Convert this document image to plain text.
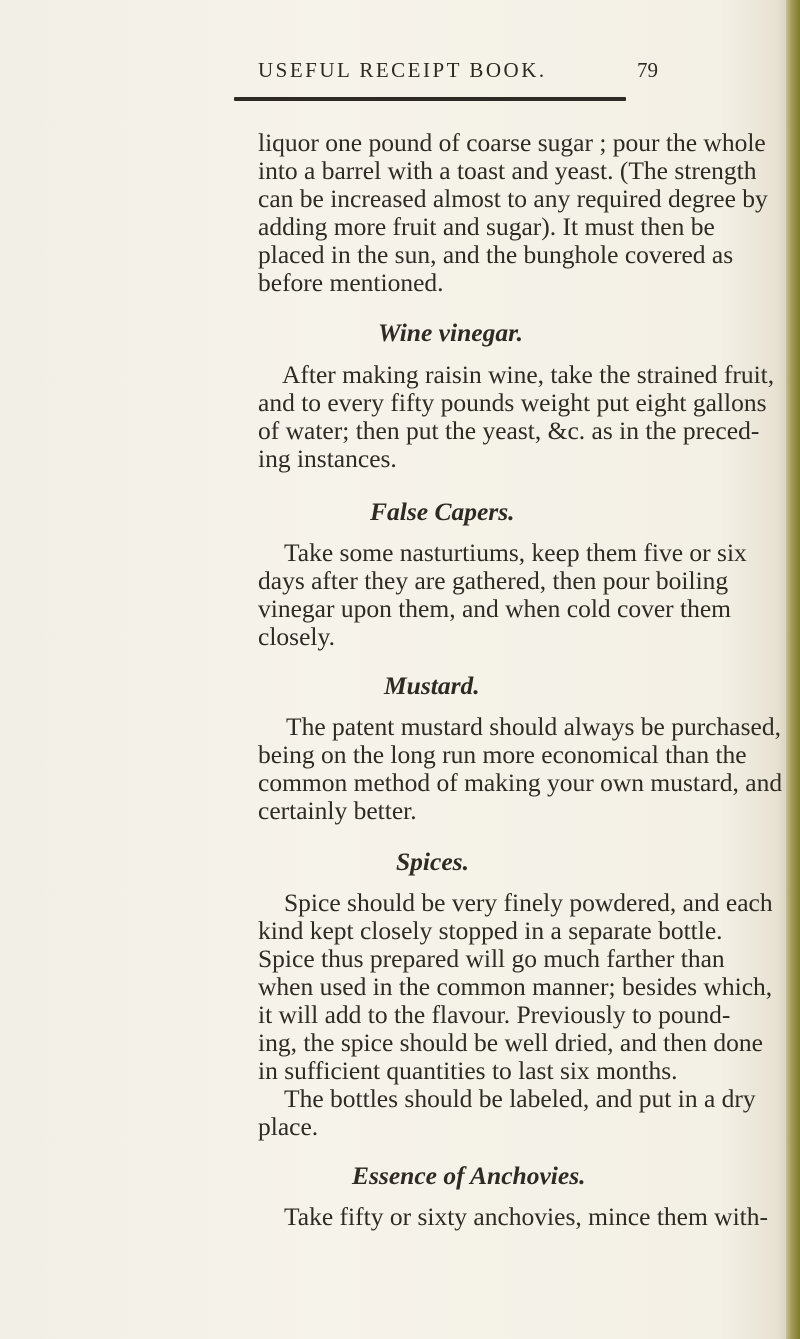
USEFUL RECEIPT BOOK.	79
liquor one pound of coarse sugar ; pour the whole
into a barrel with a toast and yeast. (The strength
can be increased almost to any required degree by
adding more fruit and sugar). It must then be
placed in the sun, and the bunghole covered as
before mentioned.
Wine vinegar.
After making raisin wine, take the strained fruit,
and to every fifty pounds weight put eight gallons
of water; then put the yeast, &c. as in the preced-
ing instances.
False Capers.
Take some nasturtiums, keep them five or six
days after they are gathered, then pour boiling
vinegar upon them, and when cold cover them
closely.
Mustard.
The patent mustard should always be purchased,
being on the long run more economical than the
common method of making your own mustard, and
certainly better.
Spices.
Spice should be very finely powdered, and each
kind kept closely stopped in a separate bottle.
Spice thus prepared will go much farther than
when used in the common manner; besides which,
it will add to the flavour. Previously to pound-
ing, the spice should be well dried, and then done
in sufficient quantities to last six months.
The bottles should be labeled, and put in a dry
place.
Essence of Anchovies.
Take fifty or sixty anchovies, mince them with-
